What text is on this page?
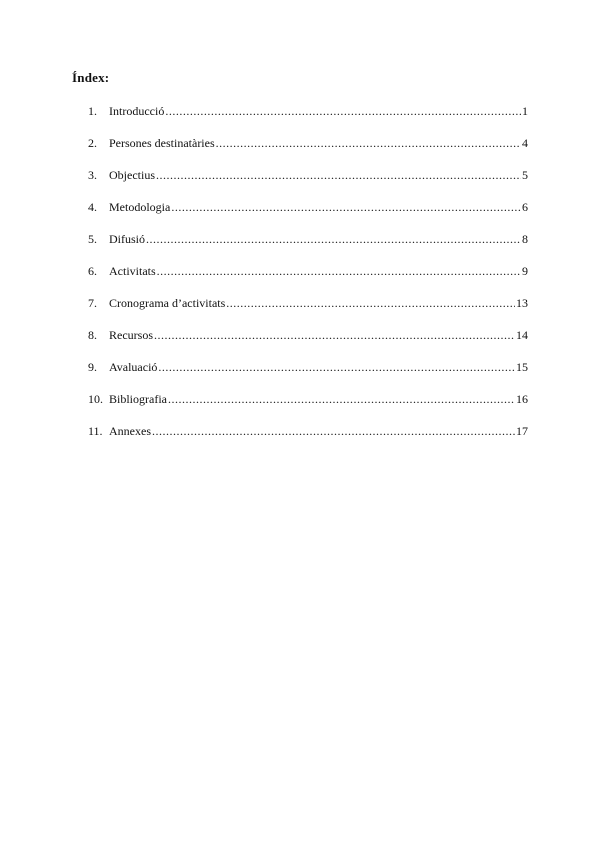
Índex:
1.	Introducció .....	1
2.	Persones destinatàries .....	4
3.	Objectius .....	5
4.	Metodologia .....	6
5.	Difusió .....	8
6.	Activitats .....	9
7.	Cronograma d’activitats .....	13
8.	Recursos .....	14
9.	Avaluació .....	15
10. Bibliografia .....	16
11. Annexes .....	17
